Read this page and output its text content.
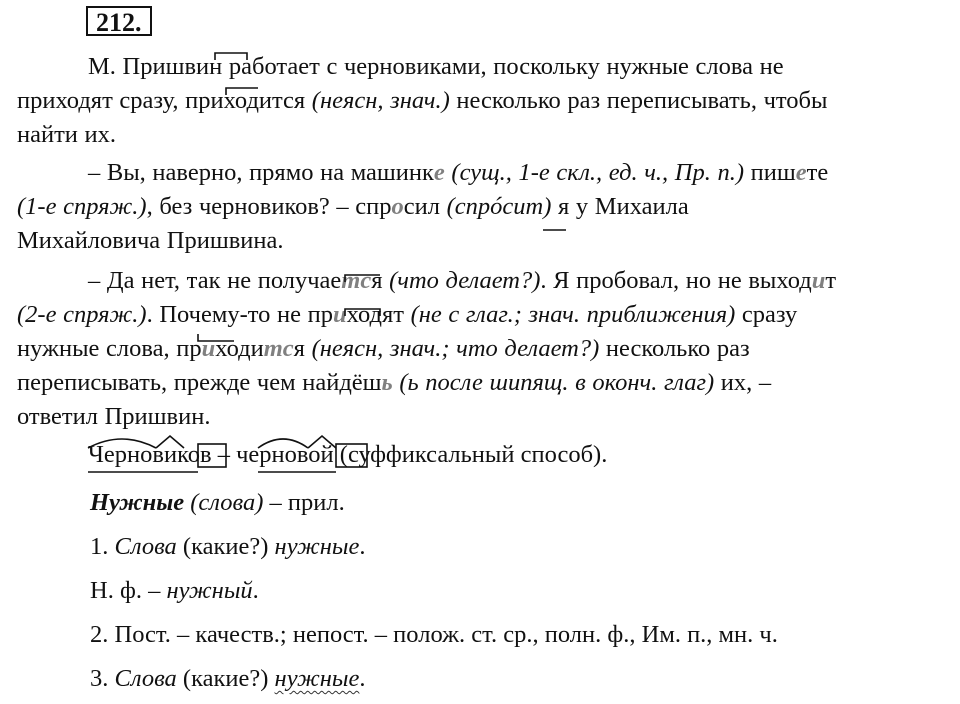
212.
М. Пришвин работает с черновиками, поскольку нужные слова не
приходят сразу, приходится (неясн, знач.) несколько раз переписывать, чтобы
найти их.
– Вы, наверно, прямо на машинке (сущ., 1-е скл., ед. ч., Пр. п.) пишете
(1-е спряж.), без черновиков? – спросил (спрóсит) я у Михаила
Михайловича Пришвина.
– Да нет, так не получается (что делает?). Я пробовал, но не выходит
(2-е спряж.). Почему-то не приходят (не с глаг.; знач. приближения) сразу
нужные слова, приходится (неясн, знач.; что делает?) несколько раз
переписывать, прежде чем найдёшь (ь после шипящ. в оконч. глаг) их, –
ответил Пришвин.
Черновиков – черновой (суффиксальный способ).
Нужные (слова) – прил.
1. Слова (какие?) нужные.
Н. ф. – нужный.
2. Пост. – качеств.; непост. – полож. ст. ср., полн. ф., Им. п., мн. ч.
3. Слова (какие?) нужные.
